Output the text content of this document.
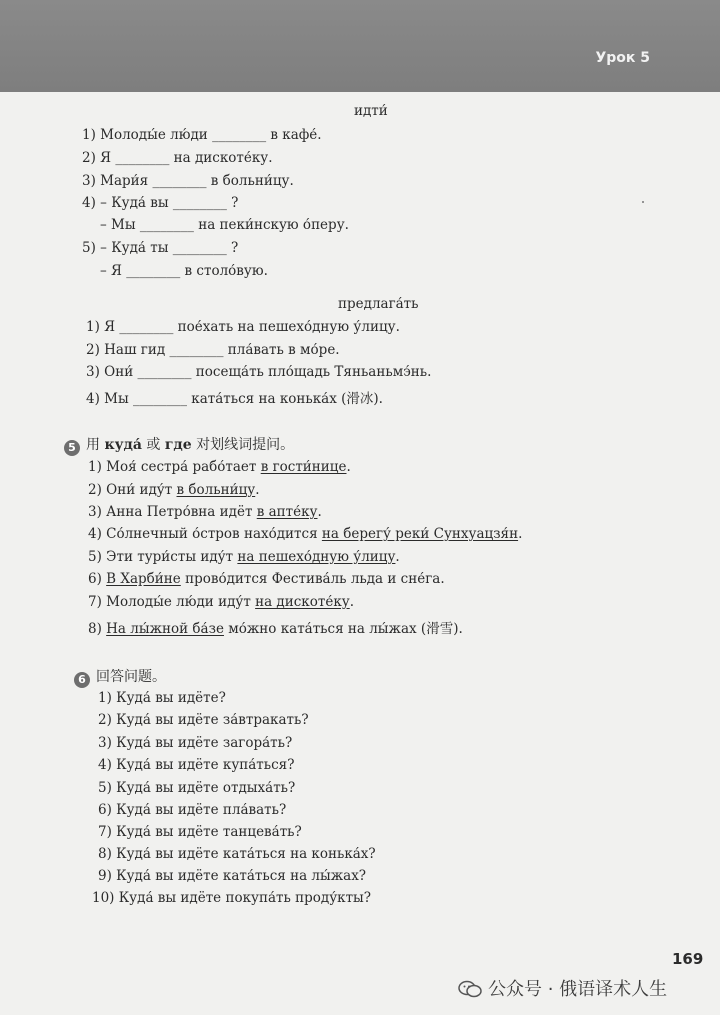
Урок 5
идти́
1) Молоды́е лю́ди ________ в кафе́.
2) Я ________ на дискоте́ку.
3) Мари́я ________ в больни́цу.
4) – Куда́ вы ________ ?
– Мы ________ на пеки́нскую о́перу.
5) – Куда́ ты ________ ?
– Я ________ в столо́вую.
предлага́ть
1) Я ________ пое́хать на пешехо́дную у́лицу.
2) Наш гид ________ пла́вать в мо́ре.
3) Они́ ________ посеща́ть пло́щадь Тяньаньмэ́нь.
4) Мы ________ ката́ться на конька́х (滑冰).
5 用 куда́ 或 где 对划线词提问。
1) Моя́ сестра́ рабо́тает в гости́нице.
2) Они́ иду́т в больни́цу.
3) Анна Петро́вна идёт в апте́ку.
4) Со́лнечный о́стров нахо́дится на берегу́ реки́ Сунхуацзя́н.
5) Эти тури́сты иду́т на пешехо́дную у́лицу.
6) В Харби́не прово́дится Фестива́ль льда и сне́га.
7) Молоды́е лю́ди иду́т на дискоте́ку.
8) На лы́жной ба́зе мо́жно ката́ться на лы́жах (滑雪).
6 回答问题。
1) Куда́ вы идёте?
2) Куда́ вы идёте за́втракать?
3) Куда́ вы идёте загора́ть?
4) Куда́ вы идёте купа́ться?
5) Куда́ вы идёте отдыха́ть?
6) Куда́ вы идёте пла́вать?
7) Куда́ вы идёте танцева́ть?
8) Куда́ вы идёте ката́ться на конька́х?
9) Куда́ вы идёте ката́ться на лы́жах?
10) Куда́ вы идёте покупа́ть проду́кты?
169
公众号 · 俄语译术人生
